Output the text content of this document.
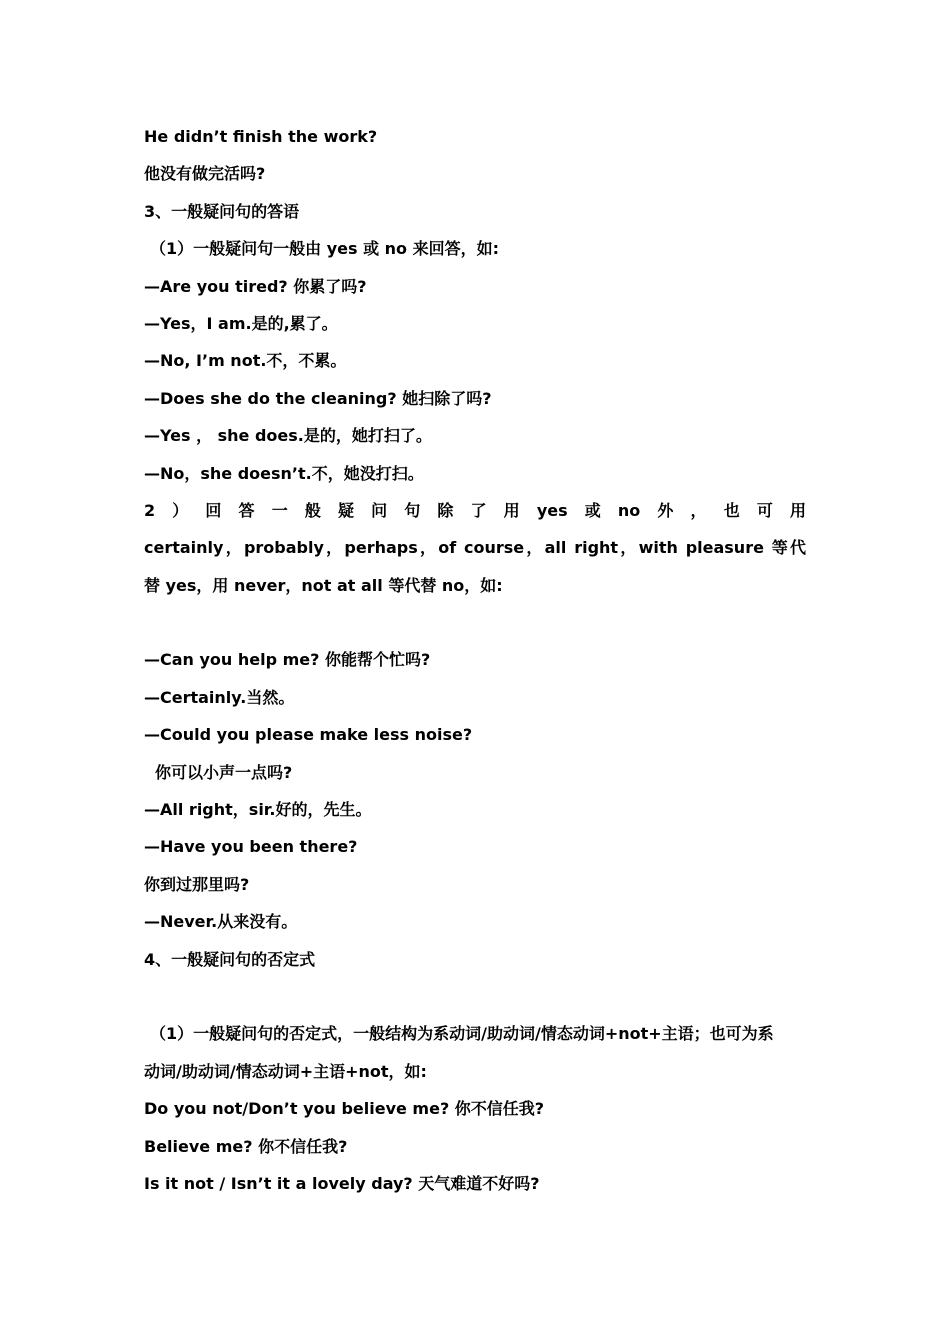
He didn’t finish the work?
他没有做完活吗?
3、一般疑问句的答语
（1）一般疑问句一般由 yes 或 no 来回答，如:
—Are you tired? 你累了吗?
—Yes，I am.是的,累了。
—No, I’m not.不，不累。
—Does she do the cleaning? 她扫除了吗?
—Yes ， she does.是的，她打扫了。
—No，she doesn’t.不，她没打扫。
2 ） 回 答 一 般 疑 问 句 除 了 用 yes 或 no 外 ， 也 可 用
certainly，probably，perhaps，of course，all right，with pleasure 等代
替 yes，用 never，not at all 等代替 no，如:
—Can you help me? 你能帮个忙吗?
—Certainly.当然。
—Could you please make less noise?
你可以小声一点吗?
—All right，sir.好的，先生。
—Have you been there?
你到过那里吗?
—Never.从来没有。
4、一般疑问句的否定式
（1）一般疑问句的否定式，一般结构为系动词/助动词/情态动词+not+主语；也可为系
动词/助动词/情态动词+主语+not，如:
Do you not/Don’t you believe me? 你不信任我?
Believe me? 你不信任我?
Is it not / Isn’t it a lovely day? 天气难道不好吗?
